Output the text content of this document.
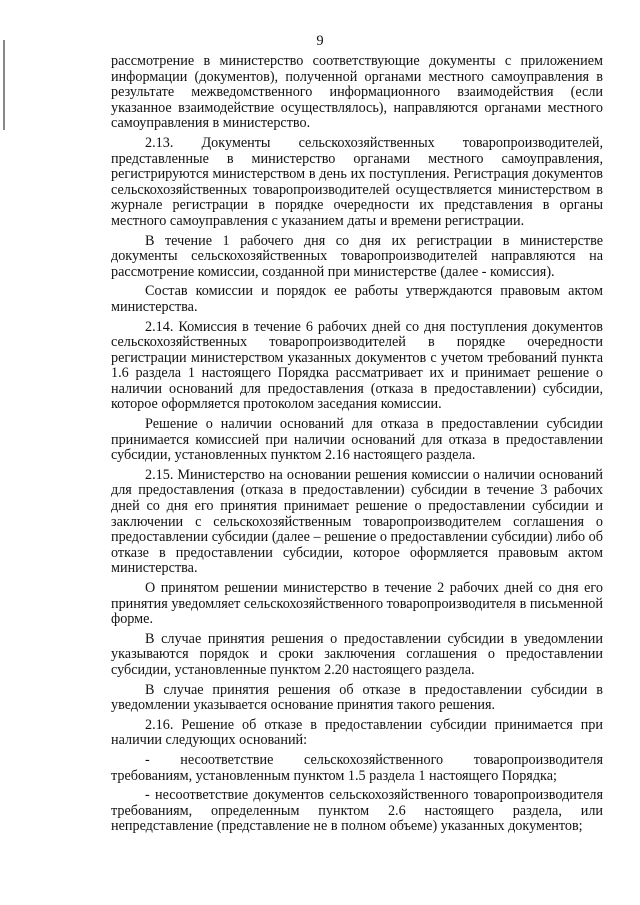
9

рассмотрение в министерство соответствующие документы с приложением информации (документов), полученной органами местного самоуправления в результате межведомственного информационного взаимодействия (если указанное взаимодействие осуществлялось), направляются органами местного самоуправления в министерство.

2.13. Документы сельскохозяйственных товаропроизводителей, представленные в министерство органами местного самоуправления, регистрируются министерством в день их поступления. Регистрация документов сельскохозяйственных товаропроизводителей осуществляется министерством в журнале регистрации в порядке очередности их представления в органы местного самоуправления с указанием даты и времени регистрации.

В течение 1 рабочего дня со дня их регистрации в министерстве документы сельскохозяйственных товаропроизводителей направляются на рассмотрение комиссии, созданной при министерстве (далее - комиссия).

Состав комиссии и порядок ее работы утверждаются правовым актом министерства.

2.14. Комиссия в течение 6 рабочих дней со дня поступления документов сельскохозяйственных товаропроизводителей в порядке очередности регистрации министерством указанных документов с учетом требований пункта 1.6 раздела 1 настоящего Порядка рассматривает их и принимает решение о наличии оснований для предоставления (отказа в предоставлении) субсидии, которое оформляется протоколом заседания комиссии.

Решение о наличии оснований для отказа в предоставлении субсидии принимается комиссией при наличии оснований для отказа в предоставлении субсидии, установленных пунктом 2.16 настоящего раздела.

2.15. Министерство на основании решения комиссии о наличии оснований для предоставления (отказа в предоставлении) субсидии в течение 3 рабочих дней со дня его принятия принимает решение о предоставлении субсидии и заключении с сельскохозяйственным товаропроизводителем соглашения о предоставлении субсидии (далее – решение о предоставлении субсидии) либо об отказе в предоставлении субсидии, которое оформляется правовым актом министерства.

О принятом решении министерство в течение 2 рабочих дней со дня его принятия уведомляет сельскохозяйственного товаропроизводителя в письменной форме.

В случае принятия решения о предоставлении субсидии в уведомлении указываются порядок и сроки заключения соглашения о предоставлении субсидии, установленные пунктом 2.20 настоящего раздела.

В случае принятия решения об отказе в предоставлении субсидии в уведомлении указывается основание принятия такого решения.

2.16. Решение об отказе в предоставлении субсидии принимается при наличии следующих оснований:

- несоответствие сельскохозяйственного товаропроизводителя требованиям, установленным пунктом 1.5 раздела 1 настоящего Порядка;

- несоответствие документов сельскохозяйственного товаропроизводителя требованиям, определенным пунктом 2.6 настоящего раздела, или непредставление (представление не в полном объеме) указанных документов;
